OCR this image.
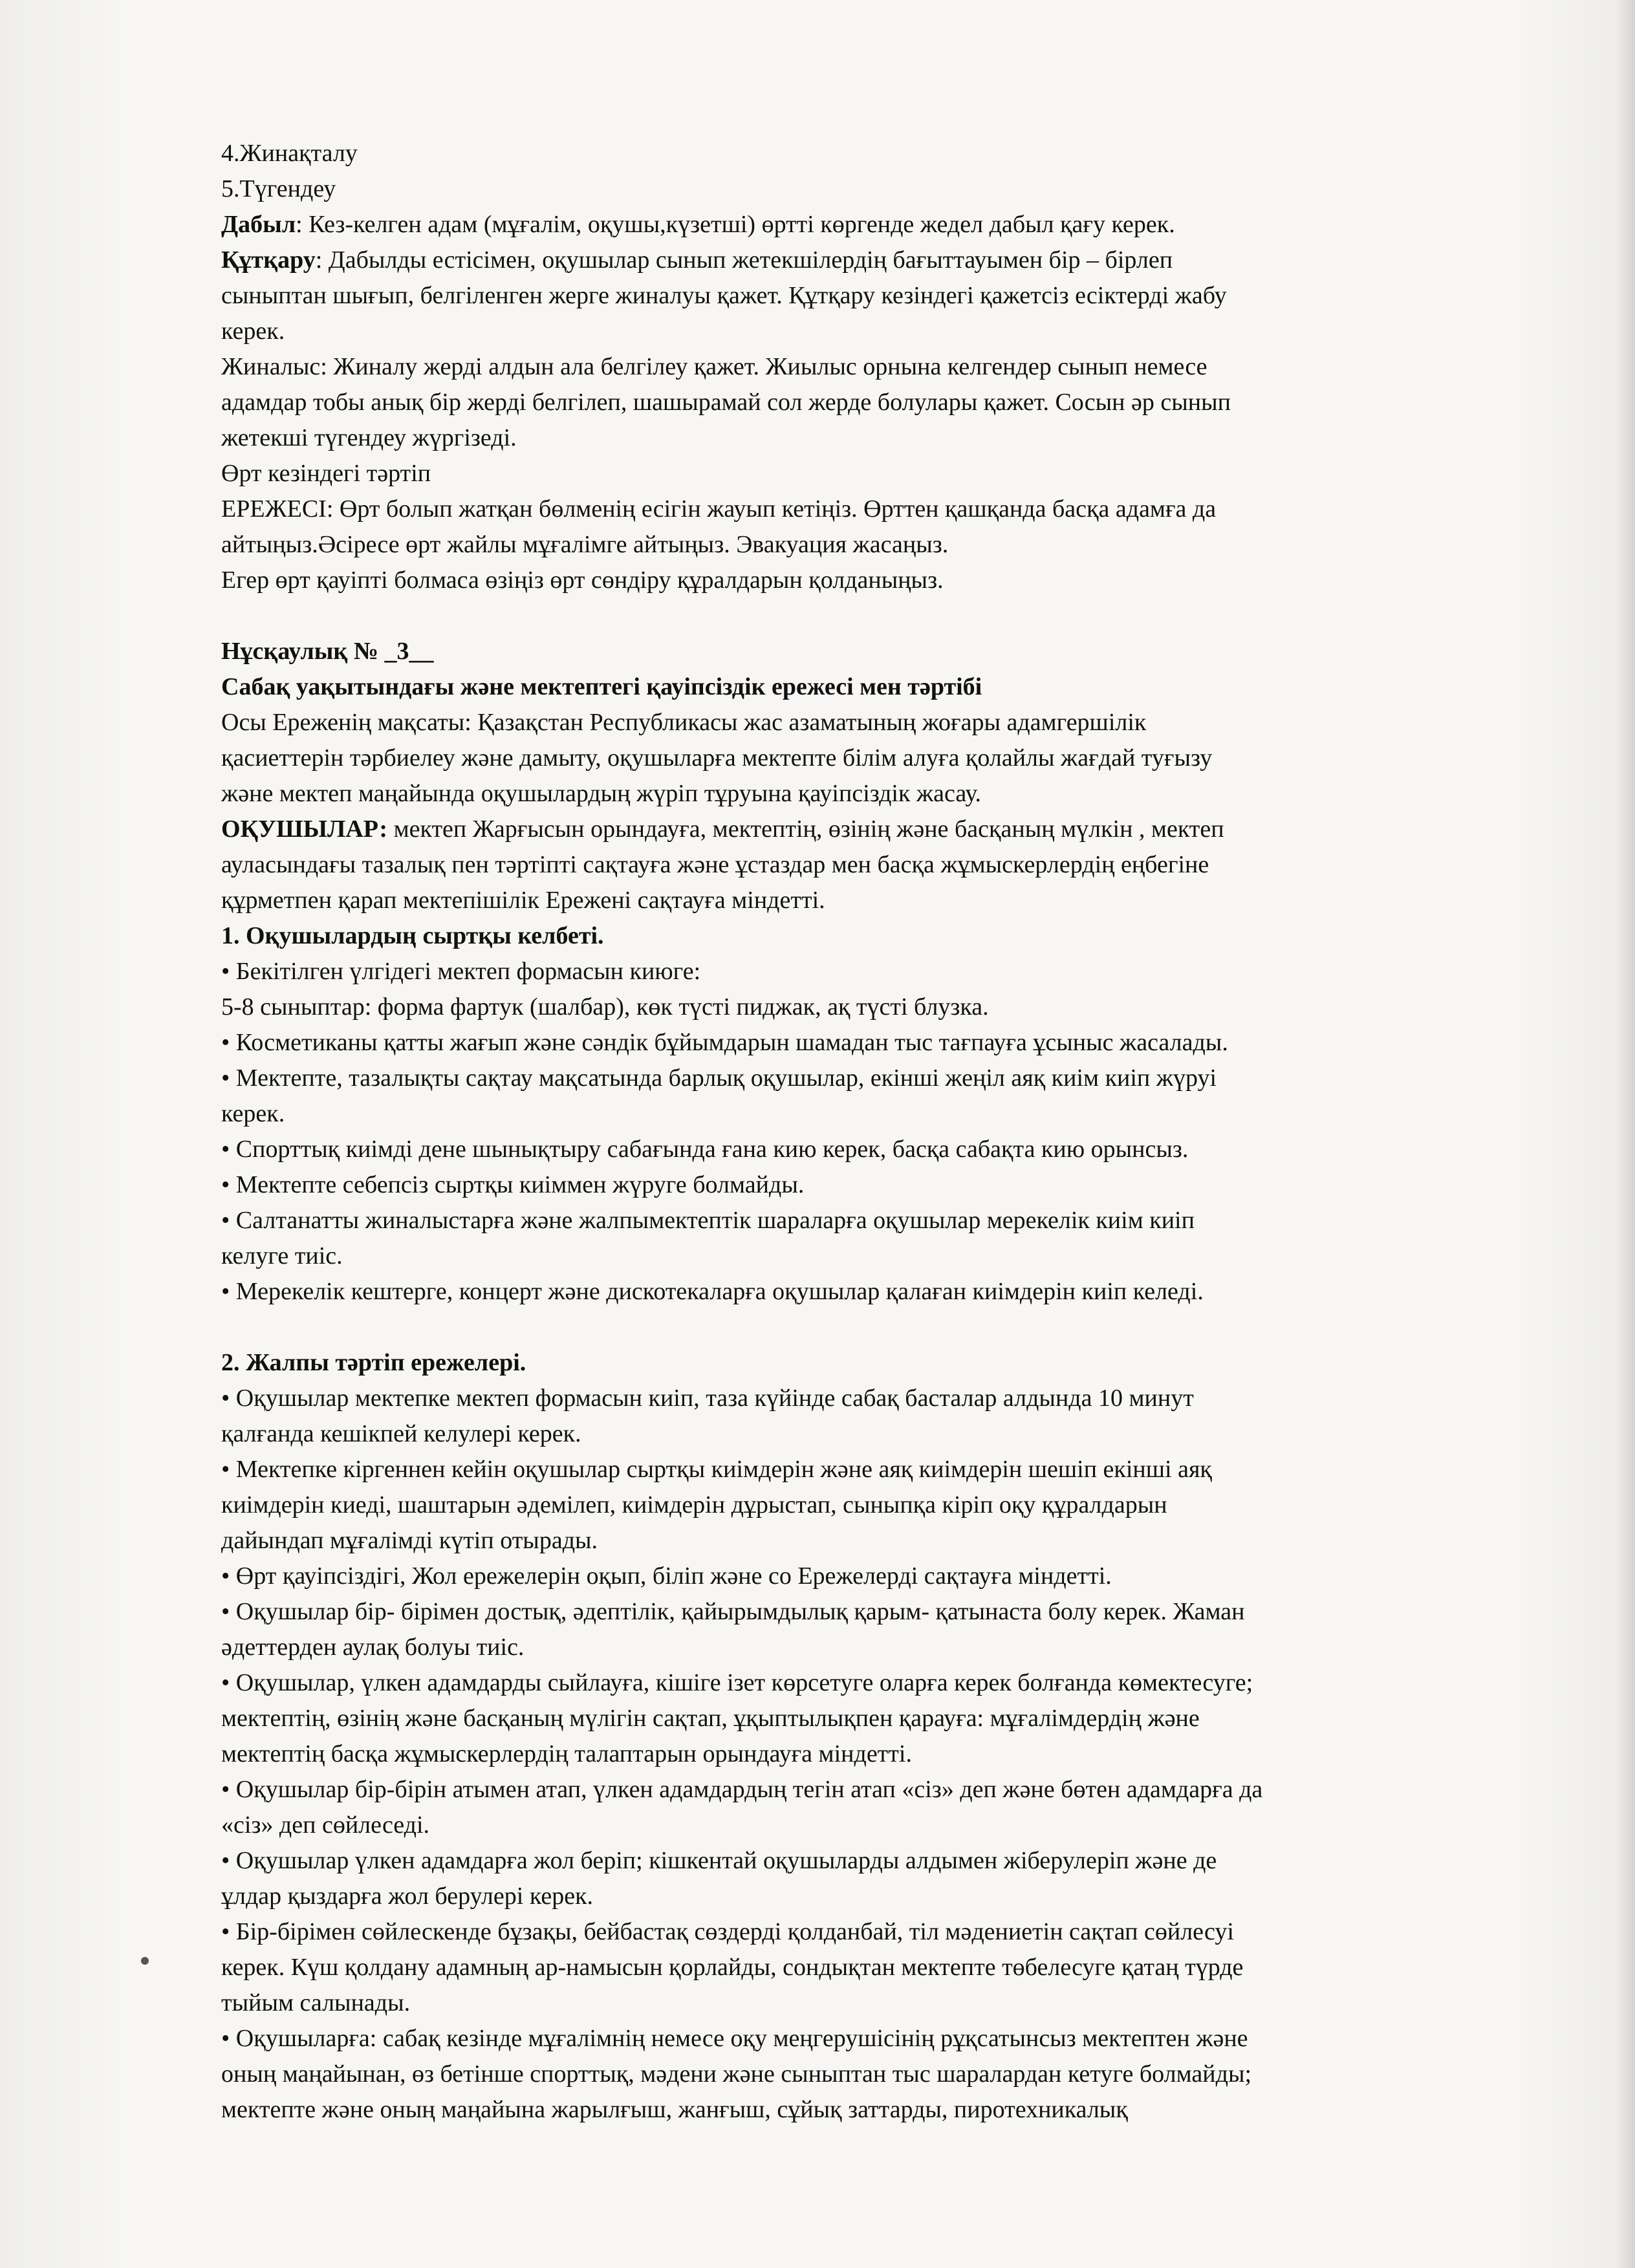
4.Жинақталу

5.Түгендеу

Дабыл: Кез-келген адам (мұғалім, оқушы,күзетші) өртті көргенде жедел дабыл қағу керек.

Құтқару: Дабылды естісімен, оқушылар сынып жетекшілердің бағыттауымен бір – бірлеп

сыныптан шығып, белгіленген жерге жиналуы қажет. Құтқару кезіндегі қажетсіз есіктерді жабу

керек.

Жиналыс: Жиналу жерді алдын ала белгілеу қажет. Жиылыс орнына келгендер сынып немесе

адамдар тобы анық бір жерді белгілеп, шашырамай сол жерде болулары қажет. Сосын әр сынып

жетекші түгендеу жүргізеді.

Өрт кезіндегі тәртіп

ЕРЕЖЕСІ: Өрт болып жатқан бөлменің есігін жауып кетіңіз. Өрттен қашқанда басқа адамға да

айтыңыз.Әсіресе өрт жайлы мұғалімге айтыңыз. Эвакуация жасаңыз.

Егер өрт қауіпті болмаса өзіңіз өрт сөндіру құралдарын қолданыңыз.

Нұсқаулық № _3__

Сабақ уақытындағы және мектептегі қауіпсіздік ережесі мен тәртібі

Осы Ереженің мақсаты: Қазақстан Республикасы жас азаматының жоғары адамгершілік

қасиеттерін тәрбиелеу және дамыту, оқушыларға мектепте білім алуға қолайлы жағдай туғызу

және мектеп маңайында оқушылардың жүріп тұруына қауіпсіздік жасау.

ОҚУШЫЛАР: мектеп Жарғысын орындауға, мектептің, өзінің және басқаның мүлкін , мектеп

ауласындағы тазалық пен тәртіпті сақтауға және ұстаздар мен басқа жұмыскерлердің еңбегіне

құрметпен қарап мектепішілік Ережені сақтауға міндетті.

1. Оқушылардың сыртқы келбеті.

• Бекітілген үлгідегі мектеп формасын киюге:

5-8 сыныптар: форма фартук (шалбар), көк түсті пиджак, ақ түсті блузка.

• Косметиканы қатты жағып және сәндік бұйымдарын шамадан тыс тағпауға ұсыныс жасалады.

• Мектепте, тазалықты сақтау мақсатында барлық оқушылар, екінші жеңіл аяқ киім киіп жүруі

керек.

• Спорттық киімді дене шынықтыру сабағында ғана кию керек, басқа сабақта кию орынсыз.

• Мектепте себепсіз сыртқы киіммен жүруге болмайды.

• Салтанатты жиналыстарға және жалпымектептік шараларға оқушылар мерекелік киім киіп

келуге тиіс.

• Мерекелік кештерге, концерт және дискотекаларға оқушылар қалаған киімдерін киіп келеді.

2. Жалпы тәртіп ережелері.

• Оқушылар мектепке мектеп формасын киіп, таза күйінде сабақ басталар алдында 10 минут

қалғанда кешікпей келулері керек.

• Мектепке кіргеннен кейін оқушылар сыртқы киімдерін және аяқ киімдерін шешіп екінші аяқ

киімдерін киеді, шаштарын әдемілеп, киімдерін дұрыстап, сыныпқа кіріп оқу құралдарын

дайындап мұғалімді күтіп отырады.

• Өрт қауіпсіздігі, Жол ережелерін оқып, біліп және со Ережелерді сақтауға міндетті.

• Оқушылар бір- бірімен достық, әдептілік, қайырымдылық қарым- қатынаста болу керек. Жаман

әдеттерден аулақ болуы тиіс.

• Оқушылар, үлкен адамдарды сыйлауға, кішіге ізет көрсетуге оларға керек болғанда көмектесуге;

мектептің, өзінің және басқаның мүлігін сақтап, ұқыптылықпен қарауға: мұғалімдердің және

мектептің басқа жұмыскерлердің талаптарын орындауға міндетті.

• Оқушылар бір-бірін атымен атап, үлкен адамдардың тегін атап «сіз» деп және бөтен адамдарға да

«сіз» деп сөйлеседі.

• Оқушылар үлкен адамдарға жол беріп; кішкентай оқушыларды алдымен жіберулеріп және де

ұлдар қыздарға жол берулері керек.

• Бір-бірімен сөйлескенде бұзақы, бейбастақ сөздерді қолданбай, тіл мәдениетін сақтап сөйлесуі

керек. Күш қолдану адамның ар-намысын қорлайды, сондықтан мектепте төбелесуге қатаң түрде

тыйым салынады.

• Оқушыларға: сабақ кезінде мұғалімнің немесе оқу меңгерушісінің рұқсатынсыз мектептен және

оның маңайынан, өз бетінше спорттық, мәдени және сыныптан тыс шаралардан кетуге болмайды;

мектепте және оның маңайына жарылғыш, жанғыш, сұйық заттарды, пиротехникалық
